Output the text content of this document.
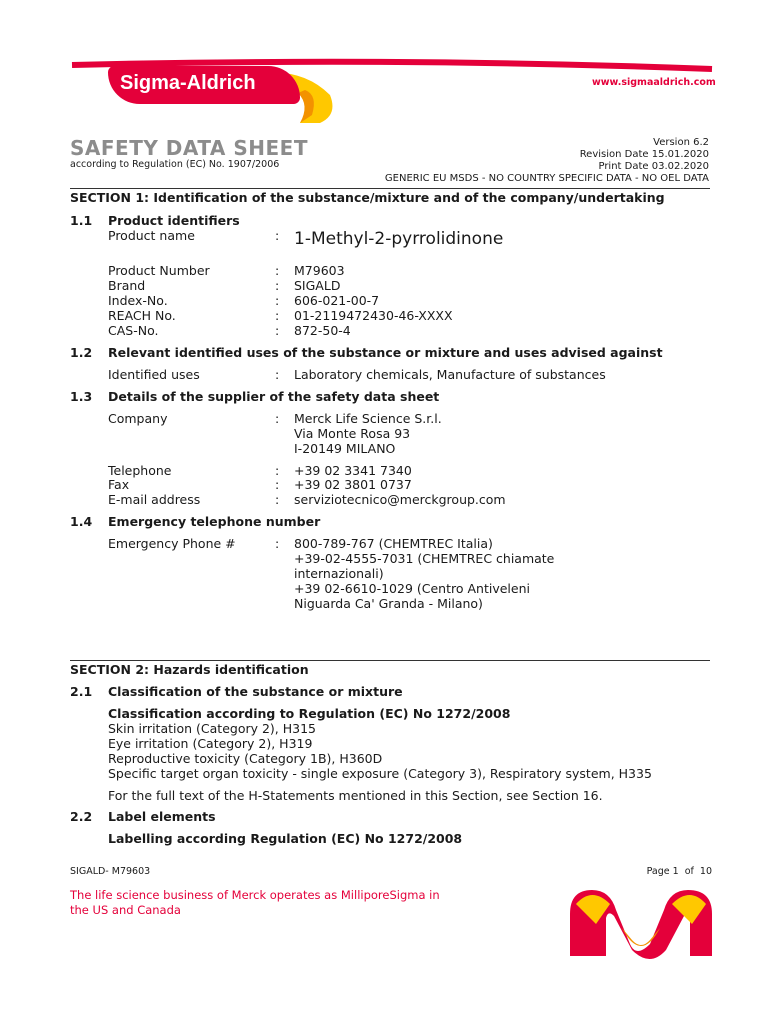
Sigma-Aldrich	www.sigmaaldrich.com
SAFETY DATA SHEET
according to Regulation (EC) No. 1907/2006
Version 6.2
Revision Date 15.01.2020
Print Date 03.02.2020
GENERIC EU MSDS - NO COUNTRY SPECIFIC DATA - NO OEL DATA
SECTION 1: Identification of the substance/mixture and of the company/undertaking
1.1 Product identifiers
Product name	: 1-Methyl-2-pyrrolidinone
Product Number	: M79603
Brand	: SIGALD
Index-No.	: 606-021-00-7
REACH No.	: 01-2119472430-46-XXXX
CAS-No.	: 872-50-4
1.2 Relevant identified uses of the substance or mixture and uses advised against
Identified uses	: Laboratory chemicals, Manufacture of substances
1.3 Details of the supplier of the safety data sheet
Company	: Merck Life Science S.r.l.
Via Monte Rosa 93
I-20149 MILANO
Telephone	: +39 02 3341 7340
Fax	: +39 02 3801 0737
E-mail address	: serviziotecnico@merckgroup.com
1.4 Emergency telephone number
Emergency Phone #	: 800-789-767 (CHEMTREC Italia)
+39-02-4555-7031 (CHEMTREC chiamate
internazionali)
+39 02-6610-1029 (Centro Antiveleni
Niguarda Ca' Granda - Milano)
SECTION 2: Hazards identification
2.1 Classification of the substance or mixture
Classification according to Regulation (EC) No 1272/2008
Skin irritation (Category 2), H315
Eye irritation (Category 2), H319
Reproductive toxicity (Category 1B), H360D
Specific target organ toxicity - single exposure (Category 3), Respiratory system, H335
For the full text of the H-Statements mentioned in this Section, see Section 16.
2.2 Label elements
Labelling according Regulation (EC) No 1272/2008
SIGALD- M79603	Page 1  of  10
The life science business of Merck operates as MilliporeSigma in
the US and Canada
